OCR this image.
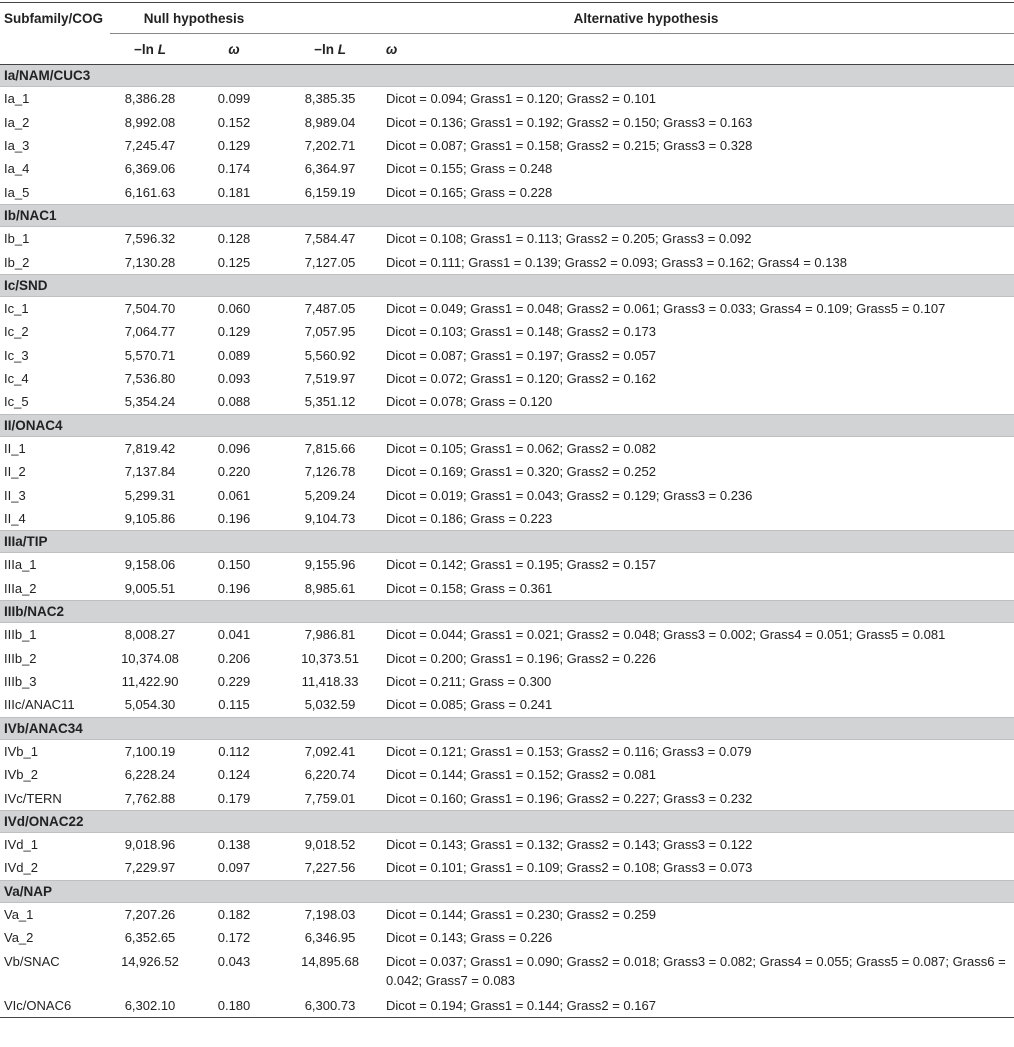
Subfamily/COG	Null hypothesis		Alternative hypothesis	
	−ln L	ω	−ln L	ω
Ia/NAM/CUC3				
Ia_1	8,386.28	0.099	8,385.35	Dicot = 0.094; Grass1 = 0.120; Grass2 = 0.101
Ia_2	8,992.08	0.152	8,989.04	Dicot = 0.136; Grass1 = 0.192; Grass2 = 0.150; Grass3 = 0.163
Ia_3	7,245.47	0.129	7,202.71	Dicot = 0.087; Grass1 = 0.158; Grass2 = 0.215; Grass3 = 0.328
Ia_4	6,369.06	0.174	6,364.97	Dicot = 0.155; Grass = 0.248
Ia_5	6,161.63	0.181	6,159.19	Dicot = 0.165; Grass = 0.228
Ib/NAC1				
Ib_1	7,596.32	0.128	7,584.47	Dicot = 0.108; Grass1 = 0.113; Grass2 = 0.205; Grass3 = 0.092
Ib_2	7,130.28	0.125	7,127.05	Dicot = 0.111; Grass1 = 0.139; Grass2 = 0.093; Grass3 = 0.162; Grass4 = 0.138
Ic/SND				
Ic_1	7,504.70	0.060	7,487.05	Dicot = 0.049; Grass1 = 0.048; Grass2 = 0.061; Grass3 = 0.033; Grass4 = 0.109; Grass5 = 0.107
Ic_2	7,064.77	0.129	7,057.95	Dicot = 0.103; Grass1 = 0.148; Grass2 = 0.173
Ic_3	5,570.71	0.089	5,560.92	Dicot = 0.087; Grass1 = 0.197; Grass2 = 0.057
Ic_4	7,536.80	0.093	7,519.97	Dicot = 0.072; Grass1 = 0.120; Grass2 = 0.162
Ic_5	5,354.24	0.088	5,351.12	Dicot = 0.078; Grass = 0.120
II/ONAC4				
II_1	7,819.42	0.096	7,815.66	Dicot = 0.105; Grass1 = 0.062; Grass2 = 0.082
II_2	7,137.84	0.220	7,126.78	Dicot = 0.169; Grass1 = 0.320; Grass2 = 0.252
II_3	5,299.31	0.061	5,209.24	Dicot = 0.019; Grass1 = 0.043; Grass2 = 0.129; Grass3 = 0.236
II_4	9,105.86	0.196	9,104.73	Dicot = 0.186; Grass = 0.223
IIIa/TIP				
IIIa_1	9,158.06	0.150	9,155.96	Dicot = 0.142; Grass1 = 0.195; Grass2 = 0.157
IIIa_2	9,005.51	0.196	8,985.61	Dicot = 0.158; Grass = 0.361
IIIb/NAC2				
IIIb_1	8,008.27	0.041	7,986.81	Dicot = 0.044; Grass1 = 0.021; Grass2 = 0.048; Grass3 = 0.002; Grass4 = 0.051; Grass5 = 0.081
IIIb_2	10,374.08	0.206	10,373.51	Dicot = 0.200; Grass1 = 0.196; Grass2 = 0.226
IIIb_3	11,422.90	0.229	11,418.33	Dicot = 0.211; Grass = 0.300
IIIc/ANAC11	5,054.30	0.115	5,032.59	Dicot = 0.085; Grass = 0.241
IVb/ANAC34				
IVb_1	7,100.19	0.112	7,092.41	Dicot = 0.121; Grass1 = 0.153; Grass2 = 0.116; Grass3 = 0.079
IVb_2	6,228.24	0.124	6,220.74	Dicot = 0.144; Grass1 = 0.152; Grass2 = 0.081
IVc/TERN	7,762.88	0.179	7,759.01	Dicot = 0.160; Grass1 = 0.196; Grass2 = 0.227; Grass3 = 0.232
IVd/ONAC22				
IVd_1	9,018.96	0.138	9,018.52	Dicot = 0.143; Grass1 = 0.132; Grass2 = 0.143; Grass3 = 0.122
IVd_2	7,229.97	0.097	7,227.56	Dicot = 0.101; Grass1 = 0.109; Grass2 = 0.108; Grass3 = 0.073
Va/NAP				
Va_1	7,207.26	0.182	7,198.03	Dicot = 0.144; Grass1 = 0.230; Grass2 = 0.259
Va_2	6,352.65	0.172	6,346.95	Dicot = 0.143; Grass = 0.226
Vb/SNAC	14,926.52	0.043	14,895.68	Dicot = 0.037; Grass1 = 0.090; Grass2 = 0.018; Grass3 = 0.082; Grass4 = 0.055; Grass5 = 0.087; Grass6 = 0.042; Grass7 = 0.083
VIc/ONAC6	6,302.10	0.180	6,300.73	Dicot = 0.194; Grass1 = 0.144; Grass2 = 0.167
